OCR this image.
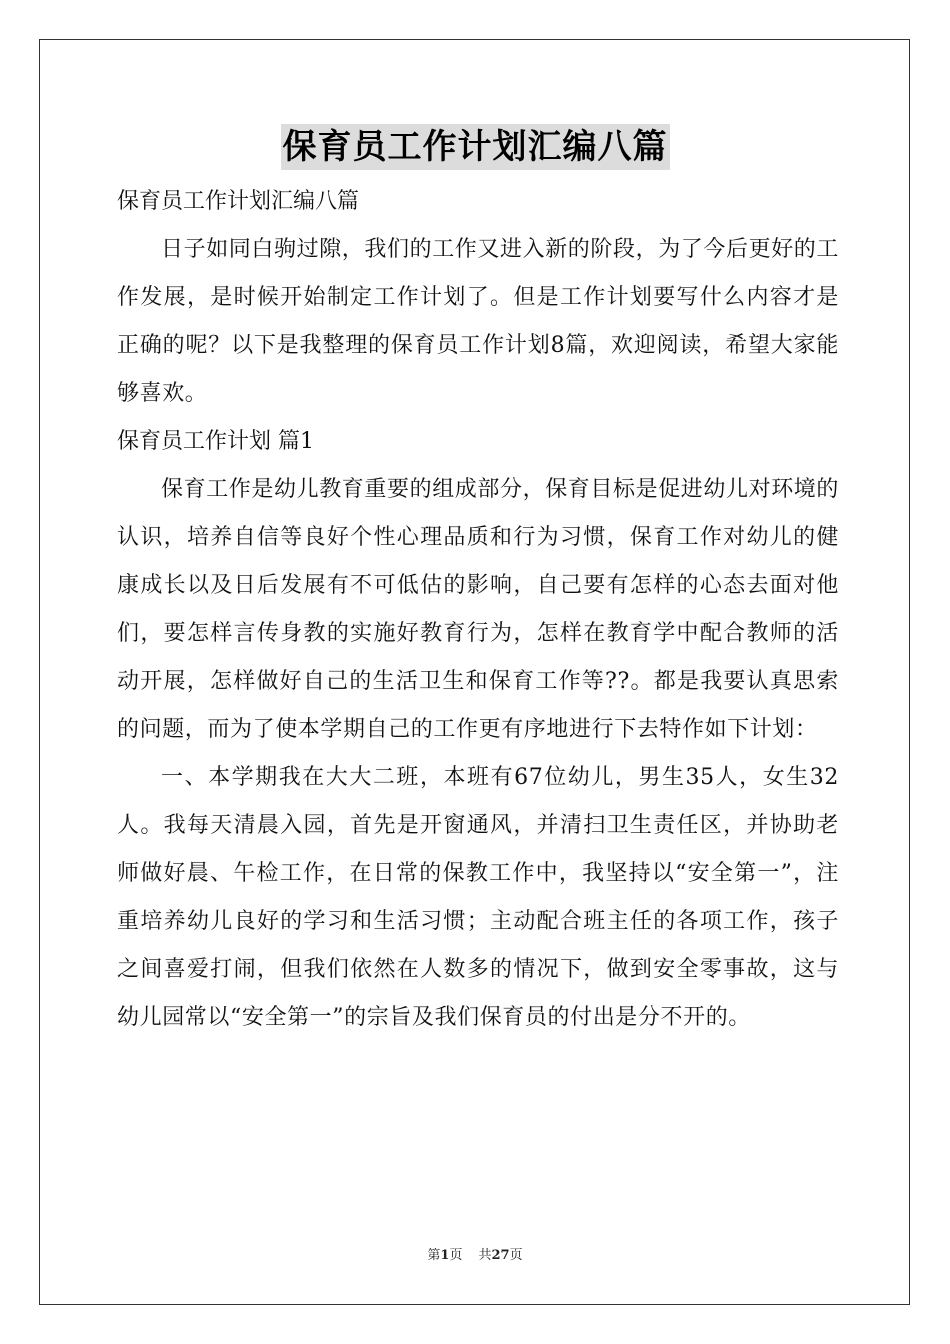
保育员工作计划汇编八篇

保育员工作计划汇编八篇

日子如同白驹过隙，我们的工作又进入新的阶段，为了今后更好的工作发展，是时候开始制定工作计划了。但是工作计划要写什么内容才是正确的呢？以下是我整理的保育员工作计划8篇，欢迎阅读，希望大家能够喜欢。

保育员工作计划 篇1

保育工作是幼儿教育重要的组成部分，保育目标是促进幼儿对环境的认识，培养自信等良好个性心理品质和行为习惯，保育工作对幼儿的健康成长以及日后发展有不可低估的影响，自己要有怎样的心态去面对他们，要怎样言传身教的实施好教育行为，怎样在教育学中配合教师的活动开展，怎样做好自己的生活卫生和保育工作等??。都是我要认真思索的问题，而为了使本学期自己的工作更有序地进行下去特作如下计划：

一、本学期我在大大二班，本班有67位幼儿，男生35人，女生32人。我每天清晨入园，首先是开窗通风，并清扫卫生责任区，并协助老师做好晨、午检工作，在日常的保教工作中，我坚持以“安全第一”，注重培养幼儿良好的学习和生活习惯；主动配合班主任的各项工作，孩子之间喜爱打闹，但我们依然在人数多的情况下，做到安全零事故，这与幼儿园常以“安全第一”的宗旨及我们保育员的付出是分不开的。

第1页 共27页
